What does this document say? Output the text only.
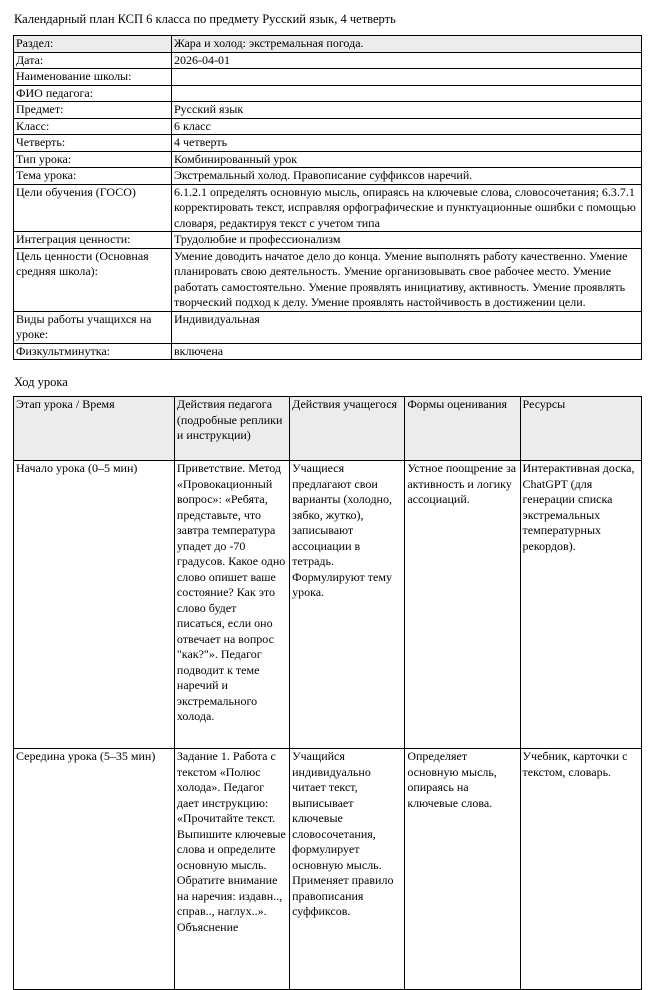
Календарный план КСП 6 класса по предмету Русский язык, 4 четверть
Раздел:	Жара и холод: экстремальная погода.
Дата:	2026-04-01
Наименование школы:	
ФИО педагога:	
Предмет:	Русский язык
Класс:	6 класс
Четверть:	4 четверть
Тип урока:	Комбинированный урок
Тема урока:	Экстремальный холод. Правописание суффиксов наречий.
Цели обучения (ГОСО)	6.1.2.1 определять основную мысль, опираясь на ключевые слова, словосочетания; 6.3.7.1 корректировать текст, исправляя орфографические и пунктуационные ошибки с помощью словаря, редактируя текст с учетом типа
Интеграция ценности:	Трудолюбие и профессионализм
Цель ценности (Основная средняя школа):	Умение доводить начатое дело до конца. Умение выполнять работу качественно. Умение планировать свою деятельность. Умение организовывать свое рабочее место. Умение работать самостоятельно. Умение проявлять инициативу, активность. Умение проявлять творческий подход к делу. Умение проявлять настойчивость в достижении цели.
Виды работы учащихся на уроке:	Индивидуальная
Физкультминутка:	включена
Ход урока
Этап урока / Время	Действия педагога (подробные реплики и инструкции)	Действия учащегося	Формы оценивания	Ресурсы
Начало урока (0–5 мин)	Приветствие. Метод «Провокационный вопрос»: «Ребята, представьте, что завтра температура упадет до -70 градусов. Какое одно слово опишет ваше состояние? Как это слово будет писаться, если оно отвечает на вопрос "как?"». Педагог подводит к теме наречий и экстремального холода.	Учащиеся предлагают свои варианты (холодно, зябко, жутко), записывают ассоциации в тетрадь. Формулируют тему урока.	Устное поощрение за активность и логику ассоциаций.	Интерактивная доска, ChatGPT (для генерации списка экстремальных температурных рекордов).
Середина урока (5–35 мин)	Задание 1. Работа с текстом «Полюс холода». Педагог дает инструкцию: «Прочитайте текст. Выпишите ключевые слова и определите основную мысль. Обратите внимание на наречия: издавн.., справ.., наглух..». Объяснение	Учащийся индивидуально читает текст, выписывает ключевые словосочетания, формулирует основную мысль. Применяет правило правописания суффиксов.	Определяет основную мысль, опираясь на ключевые слова.	Учебник, карточки с текстом, словарь.
